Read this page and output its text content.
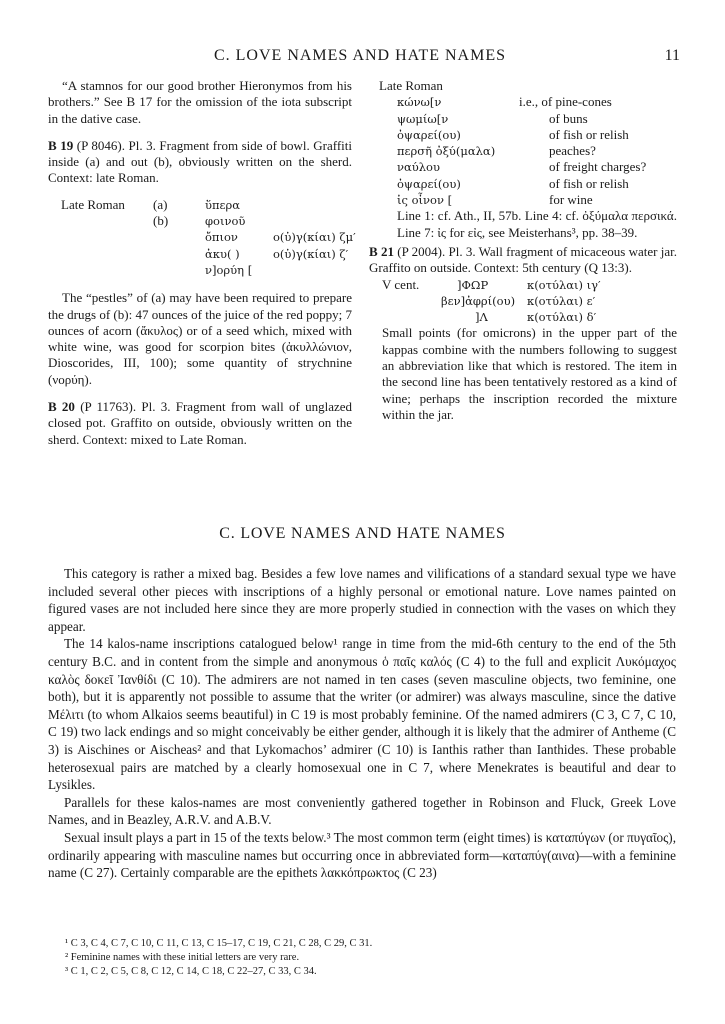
C. LOVE NAMES AND HATE NAMES	11

“A stamnos for our good brother Hieronymos from his brothers.” See B 17 for the omission of the iota subscript in the dative case.

B 19 (P 8046). Pl. 3. Fragment from side of bowl. Graffiti inside (a) and out (b), obviously written on the sherd. Context: late Roman.

Late Roman (a)	ὕπερα
(b)	φοινοῦ
ὄπιον	ο(ὐ)γ(κίαι) ζμ′
ἀκυ( )	ο(ὐ)γ(κίαι) ζ′
ν]ορύη [

The “pestles” of (a) may have been required to prepare the drugs of (b): 47 ounces of the juice of the red poppy; 7 ounces of acorn (ἄκυλος) or of a seed which, mixed with white wine, was good for scorpion bites (ἀκυλλώνιον, Dioscorides, III, 100); some quantity of strychnine (νορύη).

B 20 (P 11763). Pl. 3. Fragment from wall of unglazed closed pot. Graffito on outside, obviously written on the sherd. Context: mixed to Late Roman.

Late Roman
κώνω[ν	i.e., of pine-cones
ψωμίω[ν	of buns
ὀψαρεί(ου)	of fish or relish
περσῆ ὀξύ(μαλα)	peaches?
ναύλου	of freight charges?
ὀψαρεί(ου)	of fish or relish
ἰς οἶνον [	for wine

Line 1: cf. Ath., II, 57b. Line 4: cf. ὀξύμαλα περσικά. Line 7: ἰς for εἰς, see Meisterhans³, pp. 38–39.

B 21 (P 2004). Pl. 3. Wall fragment of micaceous water jar. Graffito on outside. Context: 5th century (Q 13:3).

V cent.	]ΦΩΡ	κ(οτύλαι) ιγ′
βεν]ἀφρί(ου) κ(οτύλαι) ε′
]Λ	κ(οτύλαι) δ′

Small points (for omicrons) in the upper part of the kappas combine with the numbers following to suggest an abbreviation like that which is restored. The item in the second line has been tentatively restored as a kind of wine; perhaps the inscription recorded the mixture within the jar.

C. LOVE NAMES AND HATE NAMES

This category is rather a mixed bag. Besides a few love names and vilifications of a standard sexual type we have included several other pieces with inscriptions of a highly personal or emotional nature. Love names painted on figured vases are not included here since they are more properly studied in connection with the vases on which they appear.

The 14 kalos-name inscriptions catalogued below¹ range in time from the mid-6th century to the end of the 5th century B.C. and in content from the simple and anonymous ὁ παῖς καλός (C 4) to the full and explicit Λυκόμαχος καλὸς δοκεῖ Ἰανθίδι (C 10). The admirers are not named in ten cases (seven masculine objects, two feminine, one both), but it is apparently not possible to assume that the writer (or admirer) was always masculine, since the dative Μέλιτι (to whom Alkaios seems beautiful) in C 19 is most probably feminine. Of the named admirers (C 3, C 7, C 10, C 19) two lack endings and so might conceivably be either gender, although it is likely that the admirer of Antheme (C 3) is Aischines or Aischeas² and that Lykomachos’ admirer (C 10) is Ianthis rather than Ianthides. These probable heterosexual pairs are matched by a clearly homosexual one in C 7, where Menekrates is beautiful and dear to Lysikles.

Parallels for these kalos-names are most conveniently gathered together in Robinson and Fluck, Greek Love Names, and in Beazley, A.R.V. and A.B.V.

Sexual insult plays a part in 15 of the texts below.³ The most common term (eight times) is καταπύγων (or πυγαῖος), ordinarily appearing with masculine names but occurring once in abbreviated form—καταπύγ(αινα)—with a feminine name (C 27). Certainly comparable are the epithets λακκόπρωκτος (C 23)

¹ C 3, C 4, C 7, C 10, C 11, C 13, C 15–17, C 19, C 21, C 28, C 29, C 31.

² Feminine names with these initial letters are very rare.

³ C 1, C 2, C 5, C 8, C 12, C 14, C 18, C 22–27, C 33, C 34.
